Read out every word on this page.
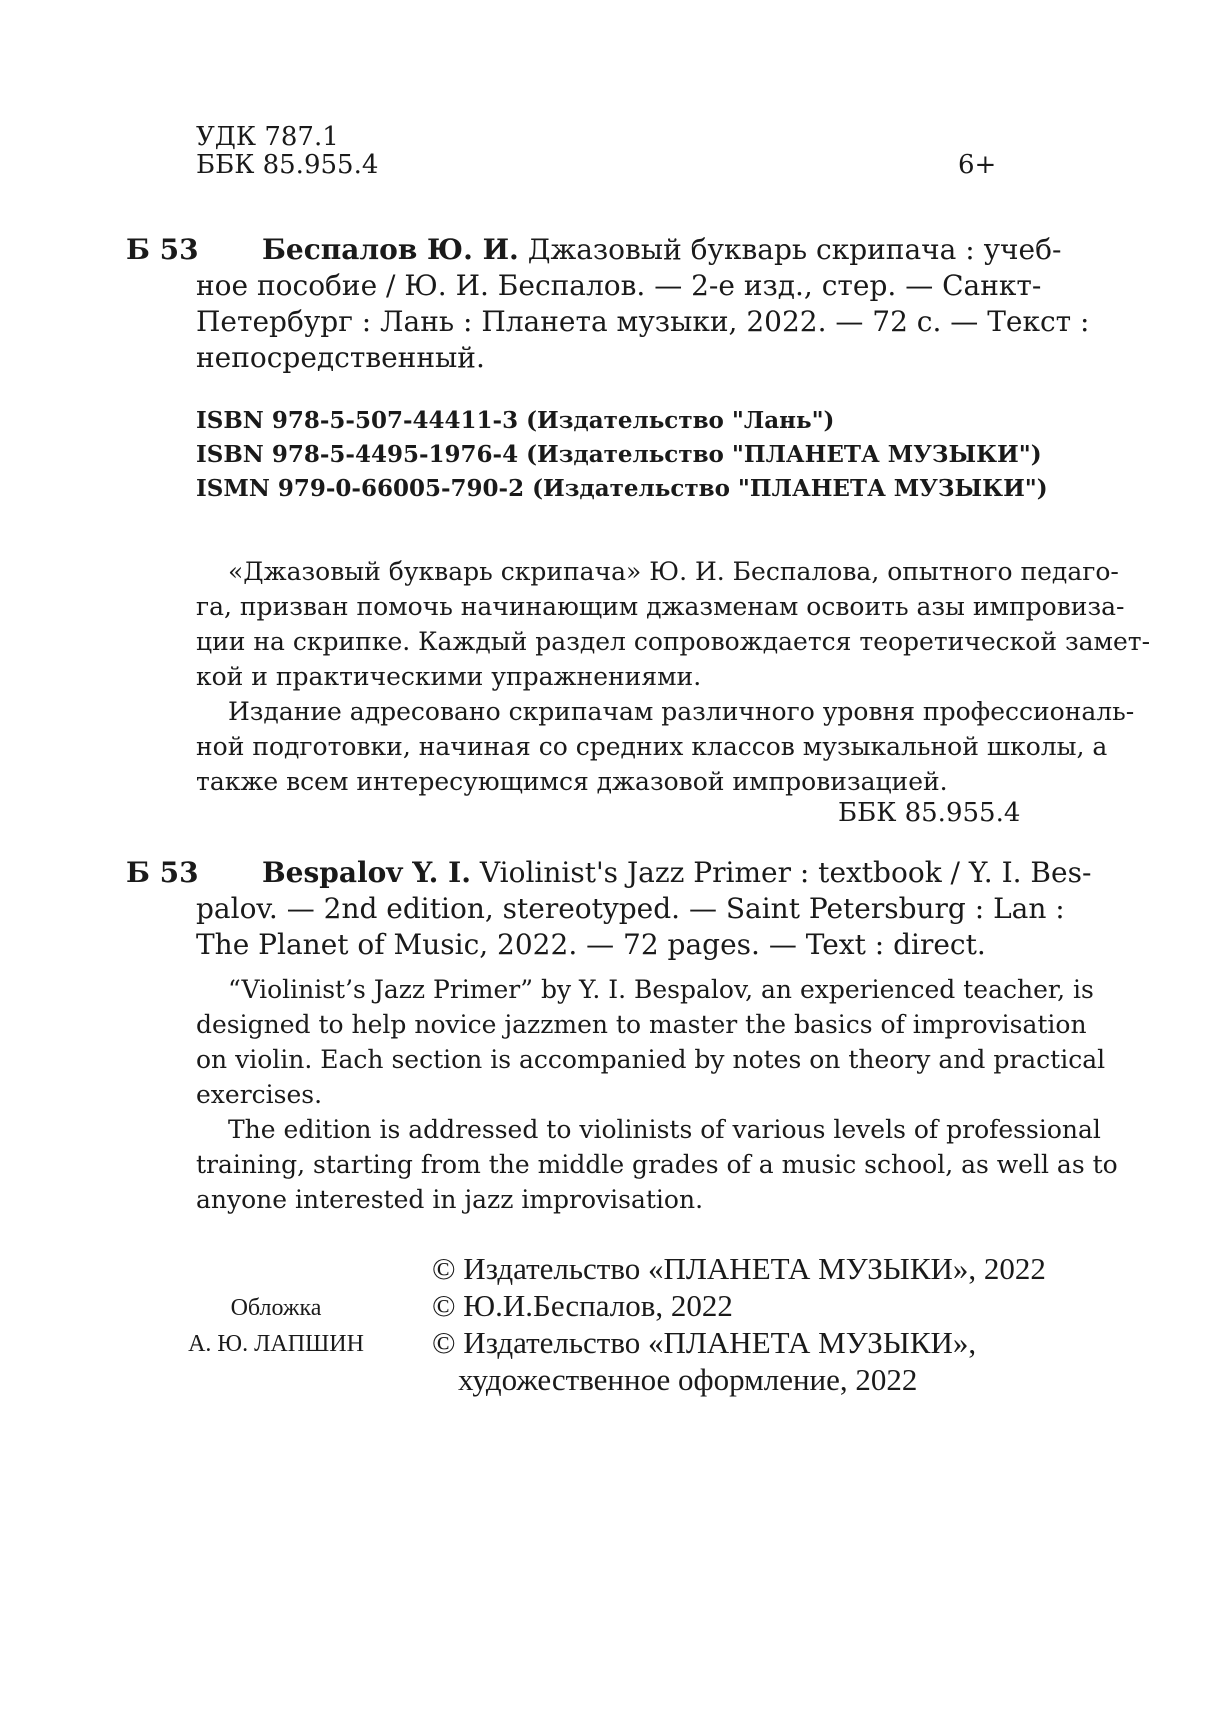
УДК 787.1
ББК 85.955.4	6+
Б 53	Беспалов Ю. И. Джазовый букварь скрипача : учеб-
ное пособие / Ю. И. Беспалов. — 2-е изд., стер. — Санкт-
Петербург : Лань : Планета музыки, 2022. — 72 с. — Текст :
непосредственный.
ISBN 978-5-507-44411-3 (Издательство "Лань")
ISBN 978-5-4495-1976-4 (Издательство "ПЛАНЕТА МУЗЫКИ")
ISMN 979-0-66005-790-2 (Издательство "ПЛАНЕТА МУЗЫКИ")
«Джазовый букварь скрипача» Ю. И. Беспалова, опытного педаго-
га, призван помочь начинающим джазменам освоить азы импровиза-
ции на скрипке. Каждый раздел сопровождается теоретической замет-
кой и практическими упражнениями.
Издание адресовано скрипачам различного уровня профессиональ-
ной подготовки, начиная со средних классов музыкальной школы, а
также всем интересующимся джазовой импровизацией.
ББК 85.955.4
Б 53	Bespalov Y. I. Violinist's Jazz Primer : textbook / Y. I. Bes-
palov. — 2nd edition, stereotyped. — Saint Petersburg : Lan :
The Planet of Music, 2022. — 72 pages. — Text : direct.
“Violinist’s Jazz Primer” by Y. I. Bespalov, an experienced teacher, is
designed to help novice jazzmen to master the basics of improvisation
on violin. Each section is accompanied by notes on theory and practical
exercises.
The edition is addressed to violinists of various levels of professional
training, starting from the middle grades of a music school, as well as to
anyone interested in jazz improvisation.
Обложка
А. Ю. ЛАПШИН
© Издательство «ПЛАНЕТА МУЗЫКИ», 2022
© Ю.И.Беспалов, 2022
© Издательство «ПЛАНЕТА МУЗЫКИ»,
художественное оформление, 2022
